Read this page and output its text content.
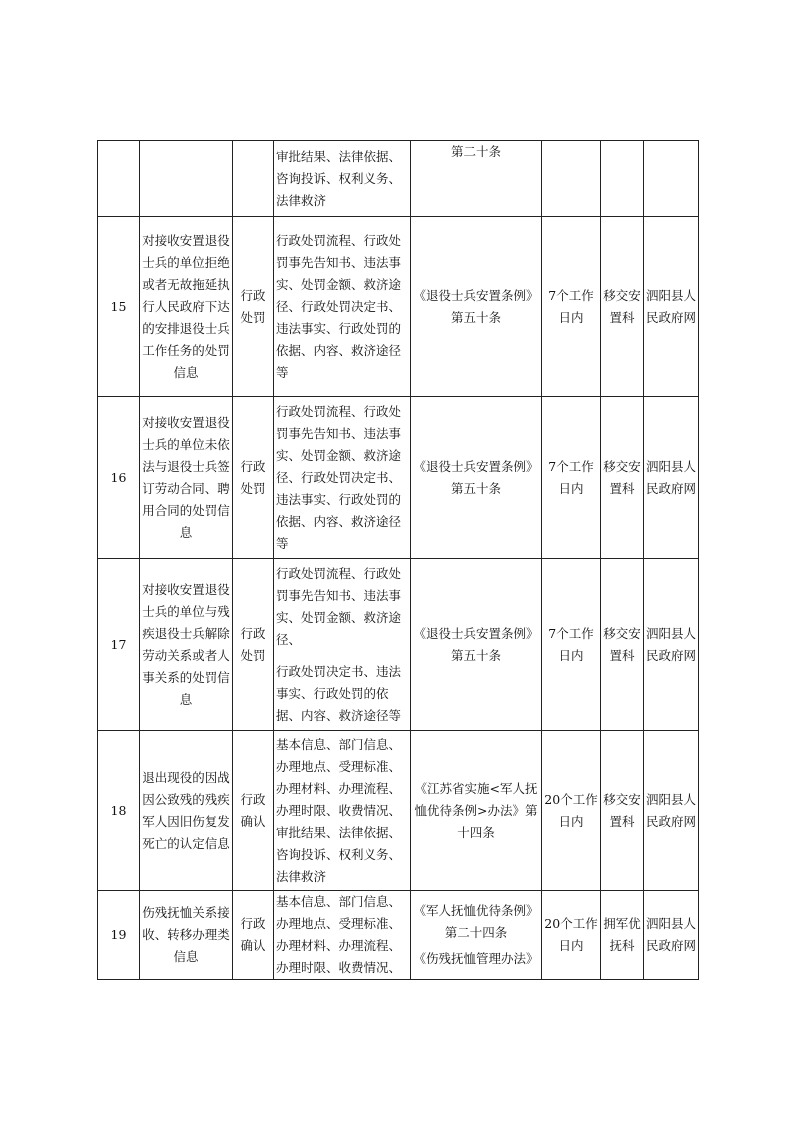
			审批结果、法律依据、咨询投诉、权利义务、法律救济	第二十条			
15	对接收安置退役士兵的单位拒绝或者无故拖延执行人民政府下达的安排退役士兵工作任务的处罚信息	行政处罚	行政处罚流程、行政处罚事先告知书、违法事实、处罚金额、救济途径、行政处罚决定书、违法事实、行政处罚的依据、内容、救济途径等	《退役士兵安置条例》第五十条	7个工作日内	移交安置科	泗阳县人民政府网
16	对接收安置退役士兵的单位未依法与退役士兵签订劳动合同、聘用合同的处罚信息	行政处罚	行政处罚流程、行政处罚事先告知书、违法事实、处罚金额、救济途径、行政处罚决定书、违法事实、行政处罚的依据、内容、救济途径等	《退役士兵安置条例》第五十条	7个工作日内	移交安置科	泗阳县人民政府网
17	对接收安置退役士兵的单位与残疾退役士兵解除劳动关系或者人事关系的处罚信息	行政处罚	行政处罚流程、行政处罚事先告知书、违法事实、处罚金额、救济途径、
行政处罚决定书、违法事实、行政处罚的依据、内容、救济途径等	《退役士兵安置条例》第五十条	7个工作日内	移交安置科	泗阳县人民政府网
18	退出现役的因战因公致残的残疾军人因旧伤复发死亡的认定信息	行政确认	基本信息、部门信息、办理地点、受理标准、办理材料、办理流程、办理时限、收费情况、审批结果、法律依据、咨询投诉、权利义务、法律救济	《江苏省实施<军人抚恤优待条例>办法》第十四条	20个工作日内	移交安置科	泗阳县人民政府网
19	伤残抚恤关系接收、转移办理类信息	行政确认	基本信息、部门信息、办理地点、受理标准、办理材料、办理流程、办理时限、收费情况、	《军人抚恤优待条例》第二十四条
《伤残抚恤管理办法》	20个工作日内	拥军优抚科	泗阳县人民政府网
